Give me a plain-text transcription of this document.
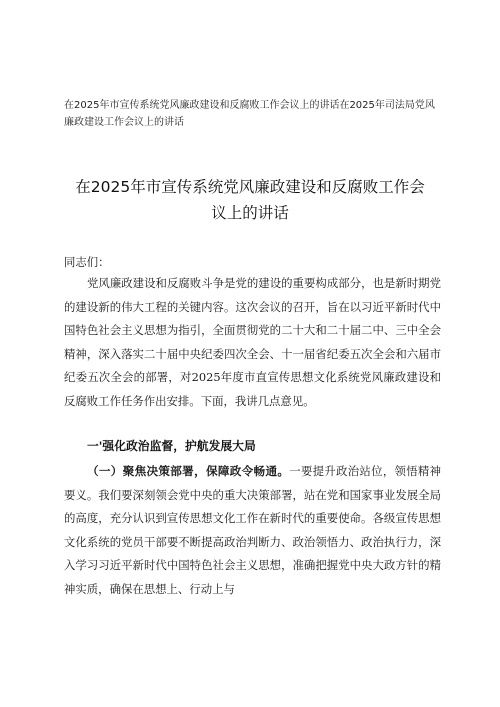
在2025年市宣传系统党风廉政建设和反腐败工作会议上的讲话在2025年司法局党风廉政建设工作会议上的讲话

在2025年市宣传系统党风廉政建设和反腐败工作会议上的讲话

同志们：

党风廉政建设和反腐败斗争是党的建设的重要构成部分，也是新时期党的建设新的伟大工程的关键内容。这次会议的召开，旨在以习近平新时代中国特色社会主义思想为指引，全面贯彻党的二十大和二十届二中、三中全会精神，深入落实二十届中央纪委四次全会、十一届省纪委五次全会和六届市纪委五次全会的部署，对2025年度市直宣传思想文化系统党风廉政建设和反腐败工作任务作出安排。下面，我讲几点意见。

一'强化政治监督，护航发展大局

（一）聚焦决策部署，保障政令畅通。一要提升政治站位，领悟精神要义。我们要深刻领会党中央的重大决策部署，站在党和国家事业发展全局的高度，充分认识到宣传思想文化工作在新时代的重要使命。各级宣传思想文化系统的党员干部要不断提高政治判断力、政治领悟力、政治执行力，深入学习习近平新时代中国特色社会主义思想，准确把握党中央大政方针的精神实质，确保在思想上、行动上与
